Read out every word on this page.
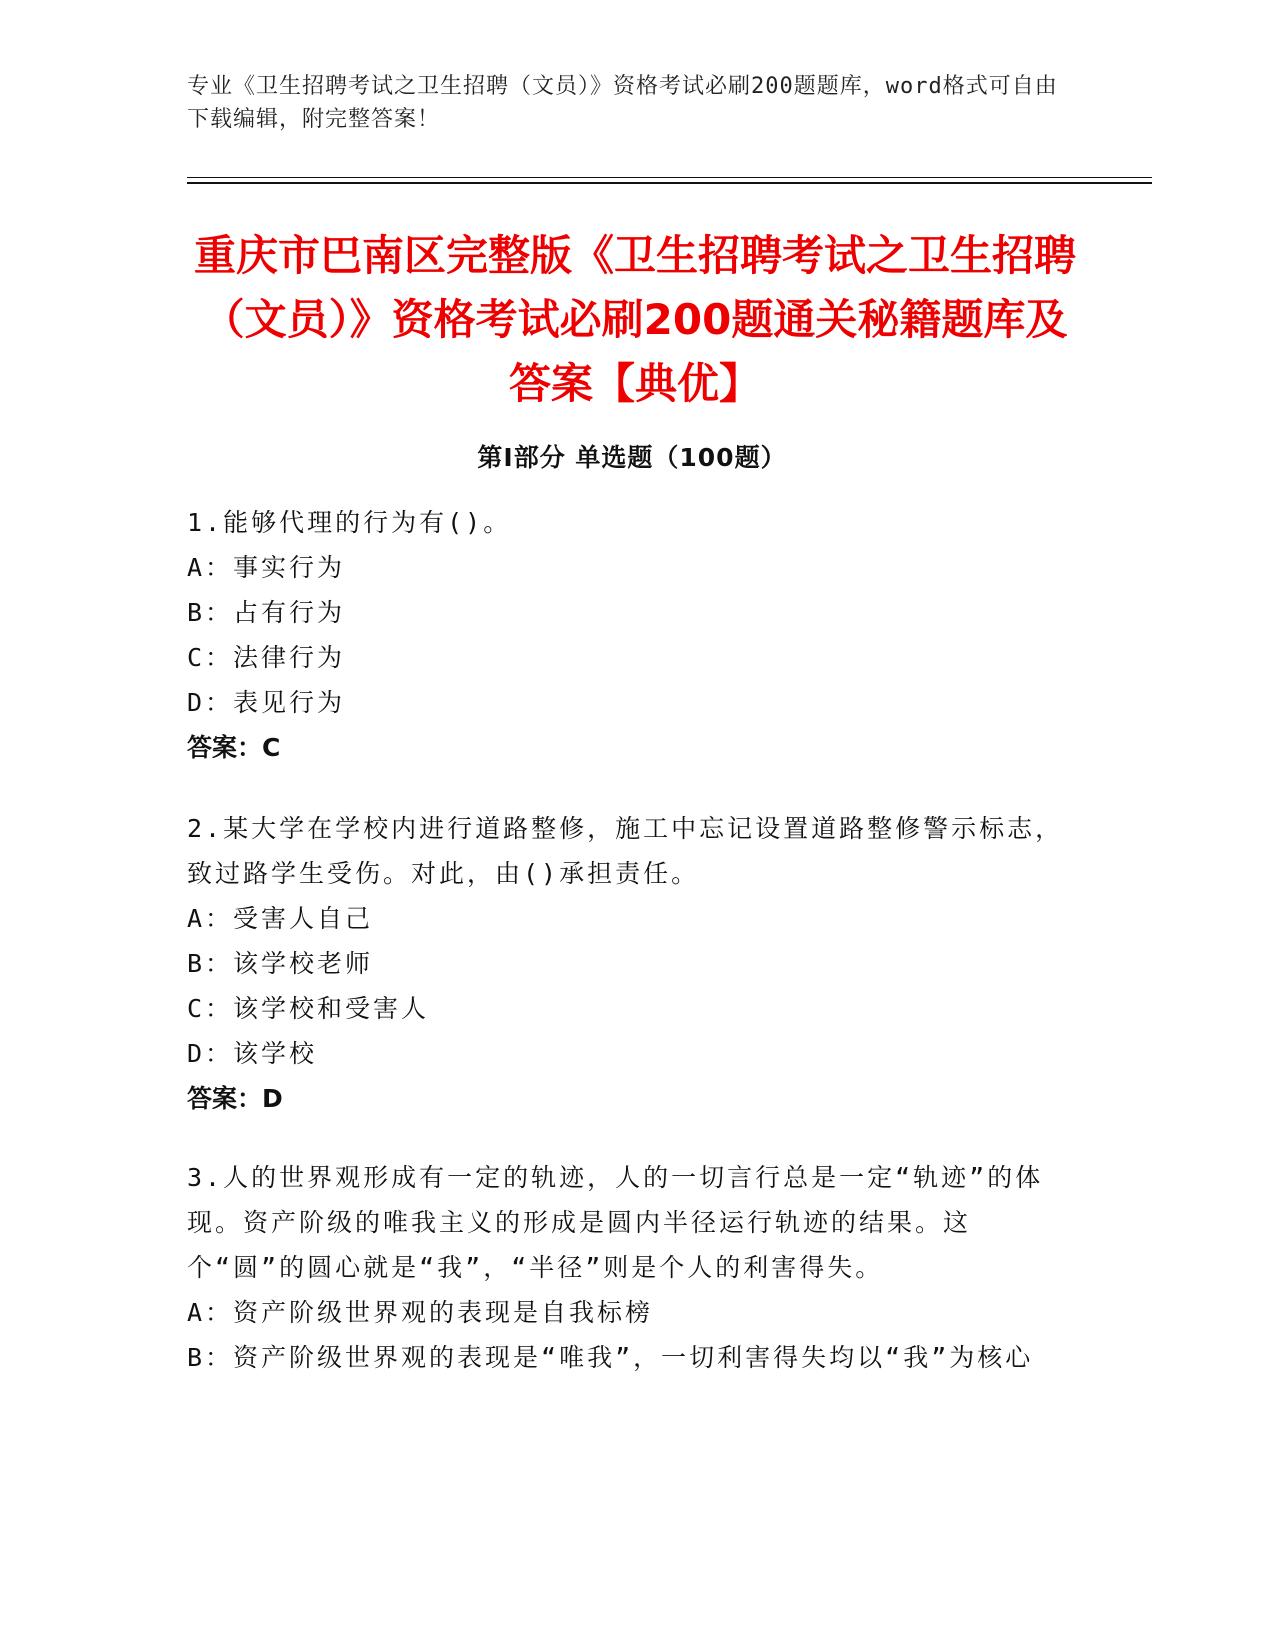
专业《卫生招聘考试之卫生招聘（文员）》资格考试必刷200题题库，word格式可自由下载编辑，附完整答案！
重庆市巴南区完整版《卫生招聘考试之卫生招聘（文员）》资格考试必刷200题通关秘籍题库及答案【典优】
第Ⅰ部分 单选题（100题）

1.能够代理的行为有()。

A：事实行为

B：占有行为

C：法律行为

D：表见行为

答案：C

2.某大学在学校内进行道路整修，施工中忘记设置道路整修警示标志，致过路学生受伤。对此，由()承担责任。

A：受害人自己

B：该学校老师

C：该学校和受害人

D：该学校

答案：D

3.人的世界观形成有一定的轨迹，人的一切言行总是一定“轨迹”的体现。资产阶级的唯我主义的形成是圆内半径运行轨迹的结果。这个“圆”的圆心就是“我”，“半径”则是个人的利害得失。

A：资产阶级世界观的表现是自我标榜

B：资产阶级世界观的表现是“唯我”，一切利害得失均以“我”为核心
